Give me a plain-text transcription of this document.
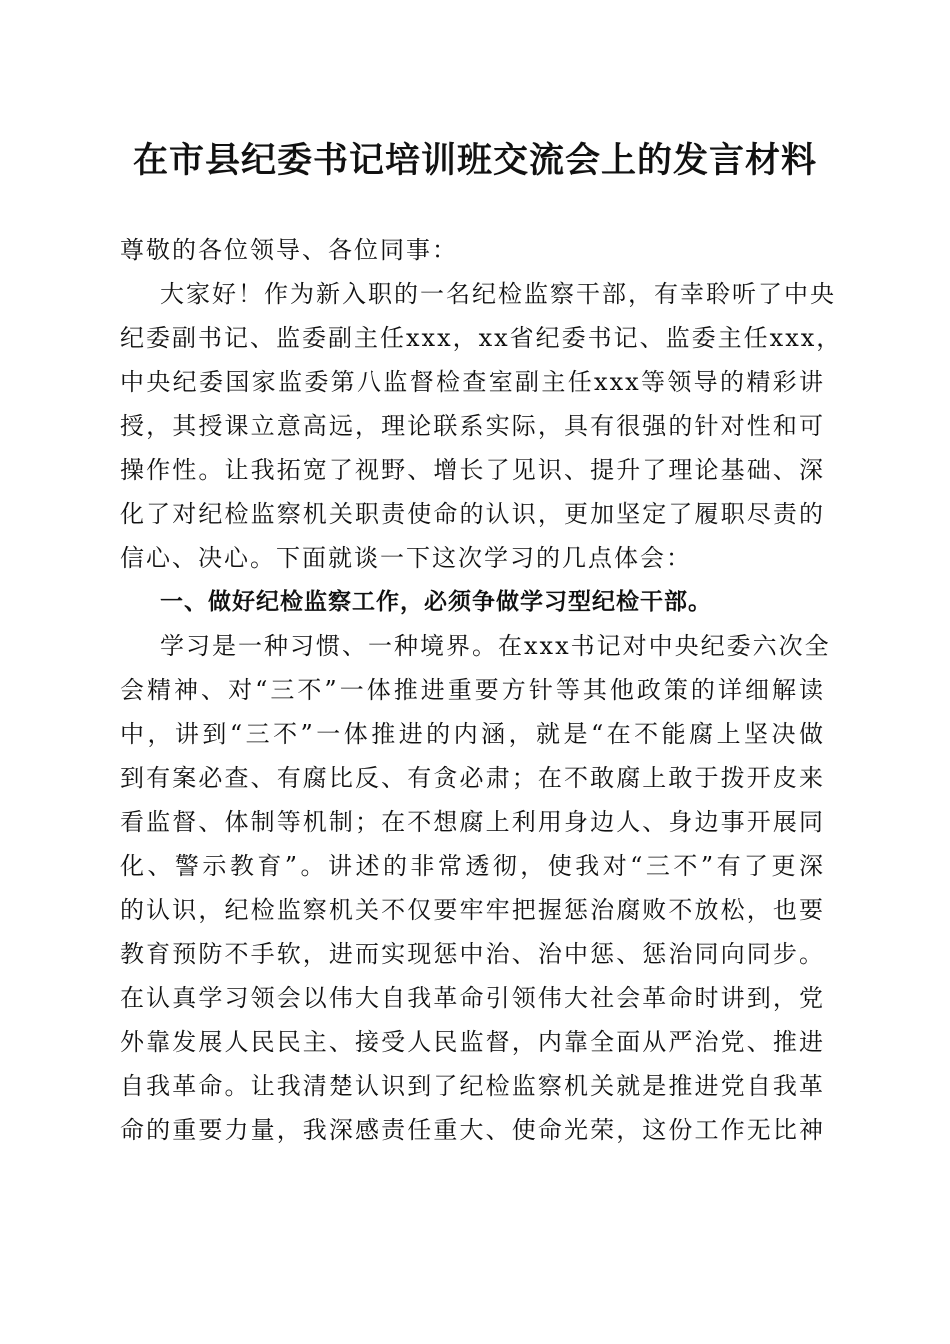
在市县纪委书记培训班交流会上的发言材料
尊敬的各位领导、各位同事：
大家好！作为新入职的一名纪检监察干部，有幸聆听了中央
纪委副书记、监委副主任xxx，xx省纪委书记、监委主任xxx，
中央纪委国家监委第八监督检查室副主任xxx等领导的精彩讲
授，其授课立意高远，理论联系实际，具有很强的针对性和可
操作性。让我拓宽了视野、增长了见识、提升了理论基础、深
化了对纪检监察机关职责使命的认识，更加坚定了履职尽责的
信心、决心。下面就谈一下这次学习的几点体会：
一、做好纪检监察工作，必须争做学习型纪检干部。
学习是一种习惯、一种境界。在xxx书记对中央纪委六次全
会精神、对“三不”一体推进重要方针等其他政策的详细解读
中，讲到“三不”一体推进的内涵，就是“在不能腐上坚决做
到有案必查、有腐比反、有贪必肃；在不敢腐上敢于拨开皮来
看监督、体制等机制；在不想腐上利用身边人、身边事开展同
化、警示教育”。讲述的非常透彻，使我对“三不”有了更深
的认识，纪检监察机关不仅要牢牢把握惩治腐败不放松，也要
教育预防不手软，进而实现惩中治、治中惩、惩治同向同步。
在认真学习领会以伟大自我革命引领伟大社会革命时讲到，党
外靠发展人民民主、接受人民监督，内靠全面从严治党、推进
自我革命。让我清楚认识到了纪检监察机关就是推进党自我革
命的重要力量，我深感责任重大、使命光荣，这份工作无比神
